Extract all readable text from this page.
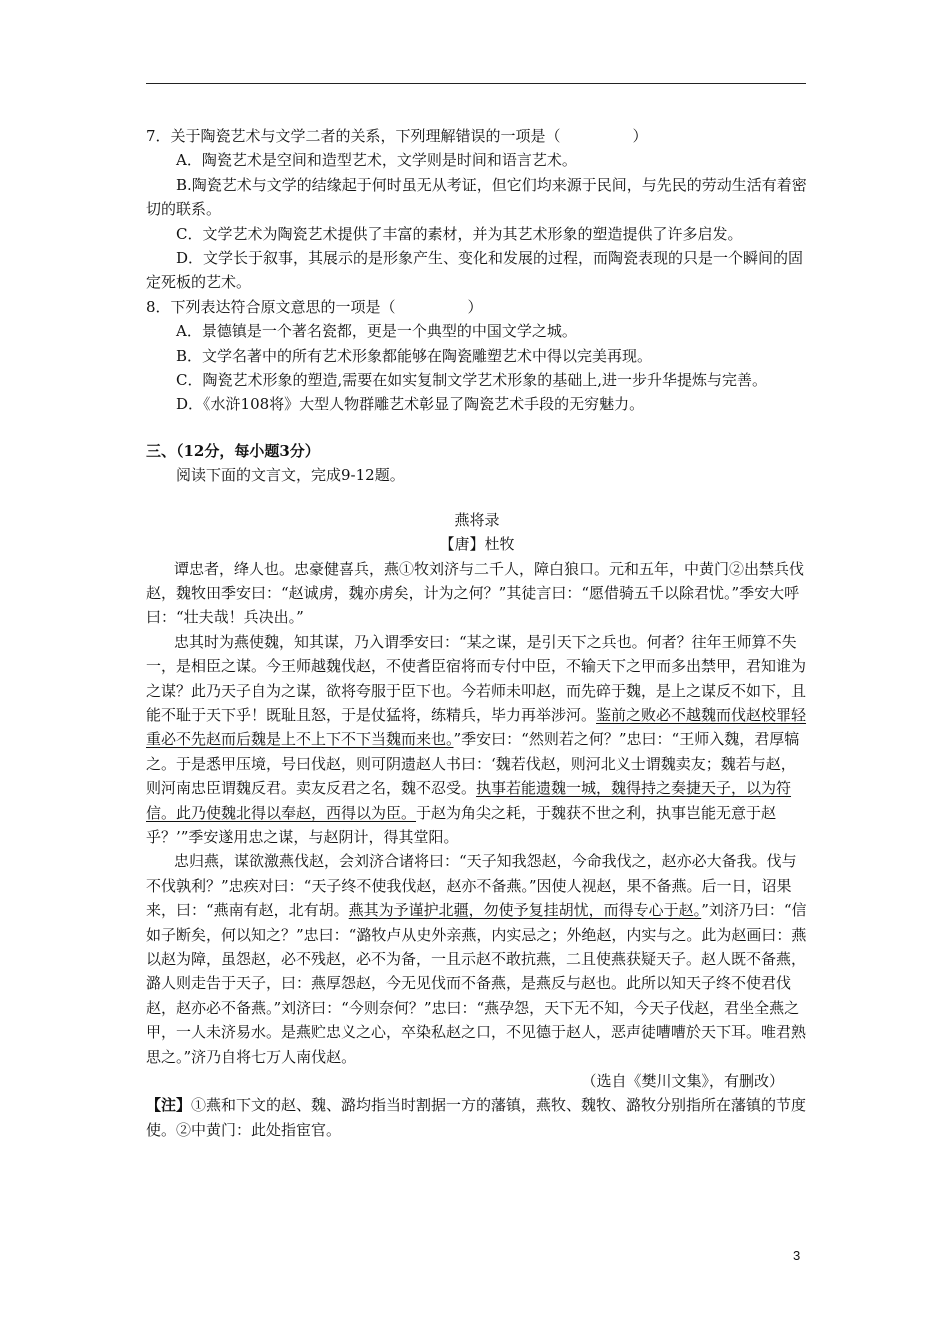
7．关于陶瓷艺术与文学二者的关系，下列理解错误的一项是（	）

A．陶瓷艺术是空间和造型艺术，文学则是时间和语言艺术。

B.陶瓷艺术与文学的结缘起于何时虽无从考证，但它们均来源于民间，与先民的劳动生活有着密切的联系。

C．文学艺术为陶瓷艺术提供了丰富的素材，并为其艺术形象的塑造提供了许多启发。

D．文学长于叙事，其展示的是形象产生、变化和发展的过程，而陶瓷表现的只是一个瞬间的固定死板的艺术。

8．下列表达符合原文意思的一项是（	）

A．景德镇是一个著名瓷都，更是一个典型的中国文学之城。

B．文学名著中的所有艺术形象都能够在陶瓷雕塑艺术中得以完美再现。

C．陶瓷艺术形象的塑造,需要在如实复制文学艺术形象的基础上,进一步升华提炼与完善。

D．《水浒108将》大型人物群雕艺术彰显了陶瓷艺术手段的无穷魅力。

三、（12分，每小题3分）

阅读下面的文言文，完成9-12题。

燕将录

【唐】杜牧

谭忠者，绛人也。忠豪健喜兵，燕①牧刘济与二千人，障白狼口。元和五年，中黄门②出禁兵伐赵，魏牧田季安曰：“赵诚虏，魏亦虏矣，计为之何？”其徒言曰：“愿借骑五千以除君忧。”季安大呼曰：“壮夫哉！兵决出。”

忠其时为燕使魏，知其谋，乃入谓季安曰：“某之谋，是引天下之兵也。何者？往年王师算不失一，是相臣之谋。今王师越魏伐赵，不使耆臣宿将而专付中臣，不输天下之甲而多出禁甲，君知谁为之谋？此乃天子自为之谋，欲将夸服于臣下也。今若师未叩赵，而先碎于魏，是上之谋反不如下，且能不耻于天下乎！既耻且怒，于是仗猛将，练精兵，毕力再举涉河。鉴前之败必不越魏而伐赵校罪轻重必不先赵而后魏是上不上下不下当魏而来也。”季安曰：“然则若之何？”忠曰：“王师入魏，君厚犒之。于是悉甲压境，号曰伐赵，则可阴遗赵人书曰：‘魏若伐赵，则河北义士谓魏卖友；魏若与赵，则河南忠臣谓魏反君。卖友反君之名，魏不忍受。执事若能遗魏一城，魏得持之奏捷天子，以为符信。此乃使魏北得以奉赵，西得以为臣。于赵为角尖之耗，于魏获不世之利，执事岂能无意于赵乎？’”季安遂用忠之谋，与赵阴计，得其堂阳。

忠归燕，谋欲激燕伐赵，会刘济合诸将曰：“天子知我怨赵，今命我伐之，赵亦必大备我。伐与不伐孰利？”忠疾对曰：“天子终不使我伐赵，赵亦不备燕。”因使人视赵，果不备燕。后一日，诏果来，曰：“燕南有赵，北有胡。燕其为予谨护北疆，勿使予复挂胡忧，而得专心于赵。”刘济乃曰：“信如子断矣，何以知之？”忠曰：“潞牧卢从史外亲燕，内实忌之；外绝赵，内实与之。此为赵画曰：燕以赵为障，虽怨赵，必不残赵，必不为备，一且示赵不敢抗燕，二且使燕获疑天子。赵人既不备燕，潞人则走告于天子，曰：燕厚怨赵，今无见伐而不备燕，是燕反与赵也。此所以知天子终不使君伐赵，赵亦必不备燕。”刘济曰：“今则奈何？”忠曰：“燕孕怨，天下无不知，今天子伐赵，君坐全燕之甲，一人未济易水。是燕贮忠义之心，卒染私赵之口，不见德于赵人，恶声徒嘈嘈於天下耳。唯君熟思之。”济乃自将七万人南伐赵。

（选自《樊川文集》，有删改）

【注】①燕和下文的赵、魏、潞均指当时割据一方的藩镇，燕牧、魏牧、潞牧分别指所在藩镇的节度使。②中黄门：此处指宦官。

3
